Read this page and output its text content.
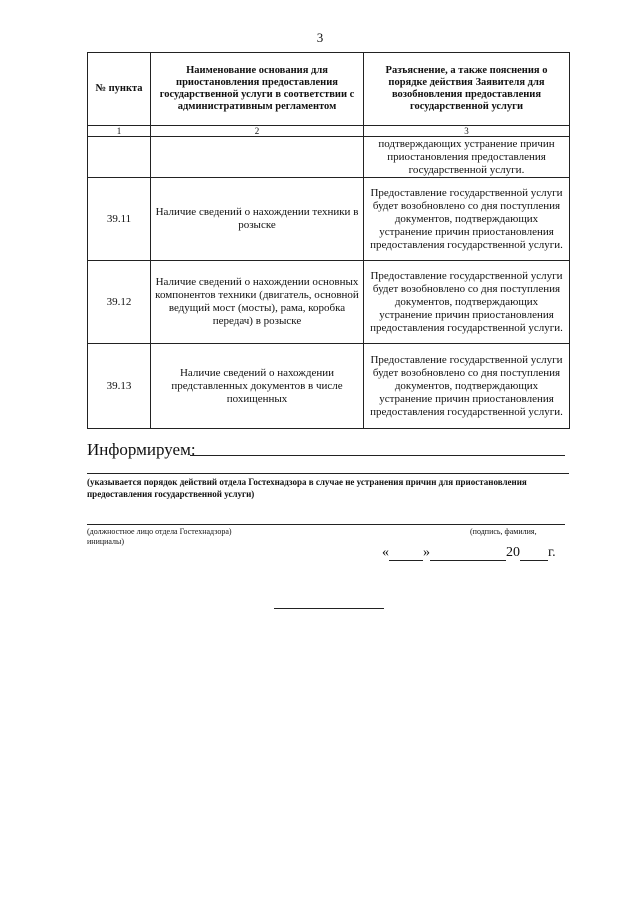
3
№ пункта	Наименование основания для приостановления предоставления государственной услуги в соответствии с административным регламентом	Разъяснение, а также пояснения о порядке действия Заявителя для возобновления предоставления государственной услуги
1	2	3
		подтверждающих устранение причин приостановления предоставления государственной услуги.
39.11	Наличие сведений о нахождении техники в розыске	Предоставление государственной услуги будет возобновлено со дня поступления документов, подтверждающих устранение причин приостановления предоставления государственной услуги.
39.12	Наличие сведений о нахождении основных компонентов техники (двигатель, основной ведущий мост (мосты), рама, коробка передач) в розыске	Предоставление государственной услуги будет возобновлено со дня поступления документов, подтверждающих устранение причин приостановления предоставления государственной услуги.
39.13	Наличие сведений о нахождении представленных документов в числе похищенных	Предоставление государственной услуги будет возобновлено со дня поступления документов, подтверждающих устранение причин приостановления предоставления государственной услуги.
Информируем:
(указывается порядок действий отдела Гостехнадзора в случае не устранения причин для приостановления предоставления государственной услуги)
(должностное лицо отдела Гостехнадзора)
инициалы)
(подпись, фамилия,
« »	20 г.
